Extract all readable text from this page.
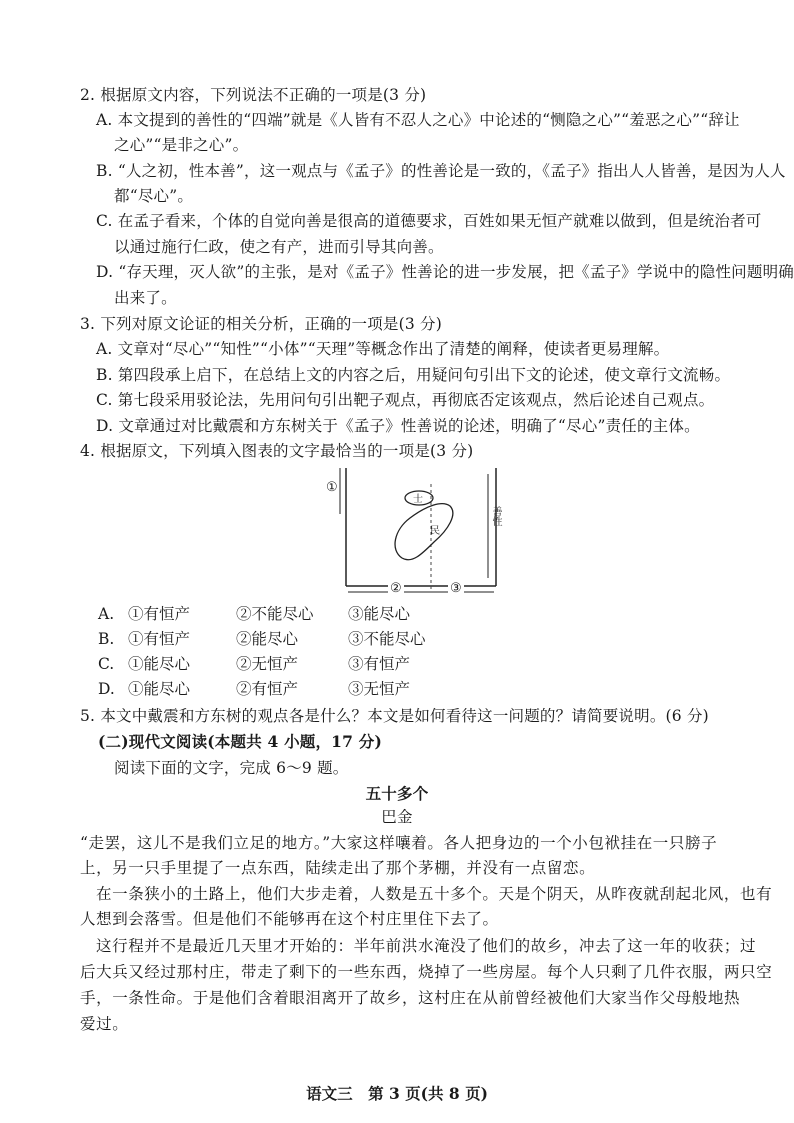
2. 根据原文内容，下列说法不正确的一项是(3 分)
A. 本文提到的善性的“四端”就是《人皆有不忍人之心》中论述的“恻隐之心”“羞恶之心”“辞让
之心”“是非之心”。
B. “人之初，性本善”，这一观点与《孟子》的性善论是一致的，《孟子》指出人人皆善，是因为人人
都“尽心”。
C. 在孟子看来，个体的自觉向善是很高的道德要求，百姓如果无恒产就难以做到，但是统治者可
以通过施行仁政，使之有产，进而引导其向善。
D. “存天理，灭人欲”的主张，是对《孟子》性善论的进一步发展，把《孟子》学说中的隐性问题明确
出来了。
3. 下列对原文论证的相关分析，正确的一项是(3 分)
A. 文章对“尽心”“知性”“小体”“天理”等概念作出了清楚的阐释，使读者更易理解。
B. 第四段承上启下，在总结上文的内容之后，用疑问句引出下文的论述，使文章行文流畅。
C. 第七段采用驳论法，先用问句引出靶子观点，再彻底否定该观点，然后论述自己观点。
D. 文章通过对比戴震和方东树关于《孟子》性善说的论述，明确了“尽心”责任的主体。
4. 根据原文，下列填入图表的文字最恰当的一项是(3 分)
①
士
民
善性
②	③
A. ①有恒产	②不能尽心 ③能尽心
B. ①有恒产	②能尽心	③不能尽心
C. ①能尽心	②无恒产	③有恒产
D. ①能尽心	②有恒产	③无恒产
5. 本文中戴震和方东树的观点各是什么？本文是如何看待这一问题的？请简要说明。(6 分)
(二)现代文阅读(本题共 4 小题，17 分)
阅读下面的文字，完成 6～9 题。
五十多个
巴金
“走罢，这儿不是我们立足的地方。”大家这样嚷着。各人把身边的一个小包袱挂在一只膀子
上，另一只手里提了一点东西，陆续走出了那个茅棚，并没有一点留恋。
在一条狭小的土路上，他们大步走着，人数是五十多个。天是个阴天，从昨夜就刮起北风，也有
人想到会落雪。但是他们不能够再在这个村庄里住下去了。
这行程并不是最近几天里才开始的：半年前洪水淹没了他们的故乡，冲去了这一年的收获；过
后大兵又经过那村庄，带走了剩下的一些东西，烧掉了一些房屋。每个人只剩了几件衣服，两只空
手，一条性命。于是他们含着眼泪离开了故乡，这村庄在从前曾经被他们大家当作父母般地热
爱过。
语文三　第 3 页(共 8 页)
